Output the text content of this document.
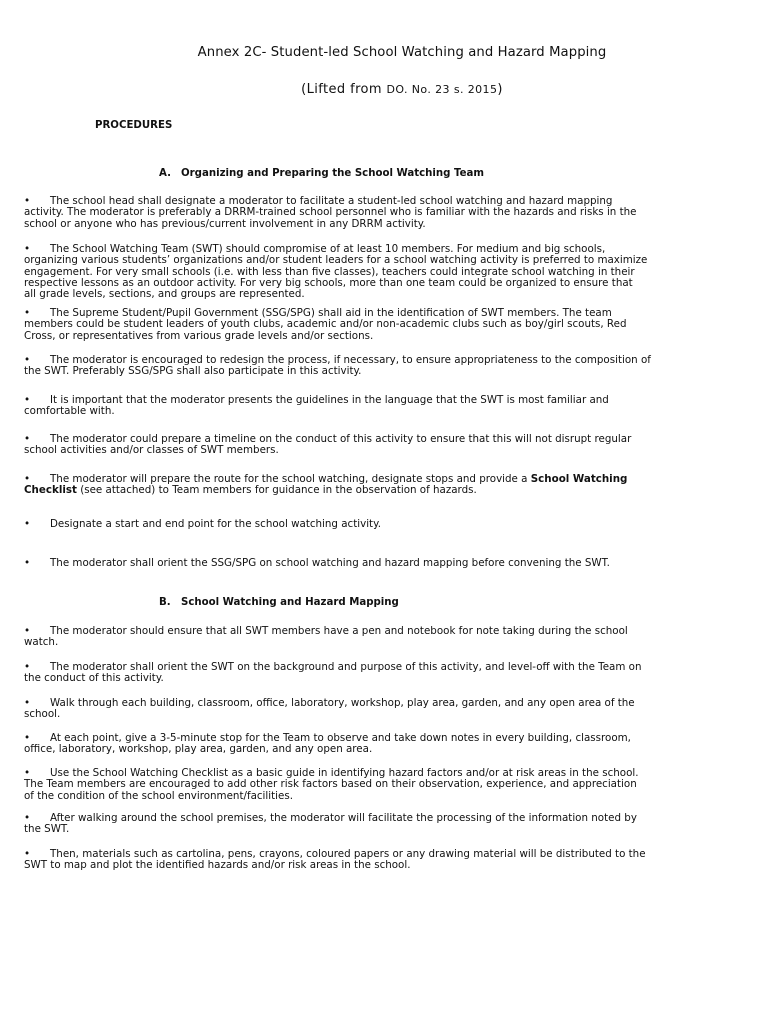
Annex 2C- Student-led School Watching and Hazard Mapping
(Lifted from DO. No. 23 s. 2015)
PROCEDURES
A. Organizing and Preparing the School Watching Team
• The school head shall designate a moderator to facilitate a student-led school watching and hazard mapping
activity. The moderator is preferably a DRRM-trained school personnel who is familiar with the hazards and risks in the
school or anyone who has previous/current involvement in any DRRM activity.
• The School Watching Team (SWT) should compromise of at least 10 members. For medium and big schools,
organizing various students’ organizations and/or student leaders for a school watching activity is preferred to maximize
engagement. For very small schools (i.e. with less than five classes), teachers could integrate school watching in their
respective lessons as an outdoor activity. For very big schools, more than one team could be organized to ensure that
all grade levels, sections, and groups are represented.
• The Supreme Student/Pupil Government (SSG/SPG) shall aid in the identification of SWT members. The team
members could be student leaders of youth clubs, academic and/or non-academic clubs such as boy/girl scouts, Red
Cross, or representatives from various grade levels and/or sections.
• The moderator is encouraged to redesign the process, if necessary, to ensure appropriateness to the composition of
the SWT. Preferably SSG/SPG shall also participate in this activity.
• It is important that the moderator presents the guidelines in the language that the SWT is most familiar and
comfortable with.
• The moderator could prepare a timeline on the conduct of this activity to ensure that this will not disrupt regular
school activities and/or classes of SWT members.
• The moderator will prepare the route for the school watching, designate stops and provide a School Watching
Checklist (see attached) to Team members for guidance in the observation of hazards.
• Designate a start and end point for the school watching activity.
• The moderator shall orient the SSG/SPG on school watching and hazard mapping before convening the SWT.
B. School Watching and Hazard Mapping
• The moderator should ensure that all SWT members have a pen and notebook for note taking during the school
watch.
• The moderator shall orient the SWT on the background and purpose of this activity, and level-off with the Team on
the conduct of this activity.
• Walk through each building, classroom, office, laboratory, workshop, play area, garden, and any open area of the
school.
• At each point, give a 3-5-minute stop for the Team to observe and take down notes in every building, classroom,
office, laboratory, workshop, play area, garden, and any open area.
• Use the School Watching Checklist as a basic guide in identifying hazard factors and/or at risk areas in the school.
The Team members are encouraged to add other risk factors based on their observation, experience, and appreciation
of the condition of the school environment/facilities.
• After walking around the school premises, the moderator will facilitate the processing of the information noted by
the SWT.
• Then, materials such as cartolina, pens, crayons, coloured papers or any drawing material will be distributed to the
SWT to map and plot the identified hazards and/or risk areas in the school.
